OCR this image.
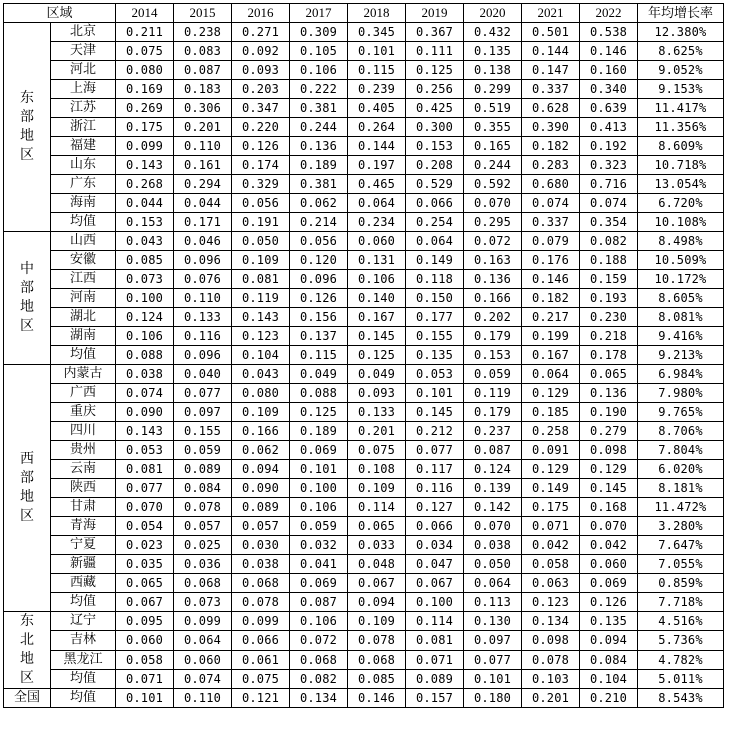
区域		2014	2015	2016	2017	2018	2019	2020	2021	2022	年均增长率
东部地区	北京	0.211	0.238	0.271	0.309	0.345	0.367	0.432	0.501	0.538	12.380%
	天津	0.075	0.083	0.092	0.105	0.101	0.111	0.135	0.144	0.146	8.625%
	河北	0.080	0.087	0.093	0.106	0.115	0.125	0.138	0.147	0.160	9.052%
	上海	0.169	0.183	0.203	0.222	0.239	0.256	0.299	0.337	0.340	9.153%
	江苏	0.269	0.306	0.347	0.381	0.405	0.425	0.519	0.628	0.639	11.417%
	浙江	0.175	0.201	0.220	0.244	0.264	0.300	0.355	0.390	0.413	11.356%
	福建	0.099	0.110	0.126	0.136	0.144	0.153	0.165	0.182	0.192	8.609%
	山东	0.143	0.161	0.174	0.189	0.197	0.208	0.244	0.283	0.323	10.718%
	广东	0.268	0.294	0.329	0.381	0.465	0.529	0.592	0.680	0.716	13.054%
	海南	0.044	0.044	0.056	0.062	0.064	0.066	0.070	0.074	0.074	6.720%
	均值	0.153	0.171	0.191	0.214	0.234	0.254	0.295	0.337	0.354	10.108%
中部地区	山西	0.043	0.046	0.050	0.056	0.060	0.064	0.072	0.079	0.082	8.498%
	安徽	0.085	0.096	0.109	0.120	0.131	0.149	0.163	0.176	0.188	10.509%
	江西	0.073	0.076	0.081	0.096	0.106	0.118	0.136	0.146	0.159	10.172%
	河南	0.100	0.110	0.119	0.126	0.140	0.150	0.166	0.182	0.193	8.605%
	湖北	0.124	0.133	0.143	0.156	0.167	0.177	0.202	0.217	0.230	8.081%
	湖南	0.106	0.116	0.123	0.137	0.145	0.155	0.179	0.199	0.218	9.416%
	均值	0.088	0.096	0.104	0.115	0.125	0.135	0.153	0.167	0.178	9.213%
西部地区	内蒙古	0.038	0.040	0.043	0.049	0.049	0.053	0.059	0.064	0.065	6.984%
	广西	0.074	0.077	0.080	0.088	0.093	0.101	0.119	0.129	0.136	7.980%
	重庆	0.090	0.097	0.109	0.125	0.133	0.145	0.179	0.185	0.190	9.765%
	四川	0.143	0.155	0.166	0.189	0.201	0.212	0.237	0.258	0.279	8.706%
	贵州	0.053	0.059	0.062	0.069	0.075	0.077	0.087	0.091	0.098	7.804%
	云南	0.081	0.089	0.094	0.101	0.108	0.117	0.124	0.129	0.129	6.020%
	陕西	0.077	0.084	0.090	0.100	0.109	0.116	0.139	0.149	0.145	8.181%
	甘肃	0.070	0.078	0.089	0.106	0.114	0.127	0.142	0.175	0.168	11.472%
	青海	0.054	0.057	0.057	0.059	0.065	0.066	0.070	0.071	0.070	3.280%
	宁夏	0.023	0.025	0.030	0.032	0.033	0.034	0.038	0.042	0.042	7.647%
	新疆	0.035	0.036	0.038	0.041	0.048	0.047	0.050	0.058	0.060	7.055%
	西藏	0.065	0.068	0.068	0.069	0.067	0.067	0.064	0.063	0.069	0.859%
	均值	0.067	0.073	0.078	0.087	0.094	0.100	0.113	0.123	0.126	7.718%
东北地区	辽宁	0.095	0.099	0.099	0.106	0.109	0.114	0.130	0.134	0.135	4.516%
	吉林	0.060	0.064	0.066	0.072	0.078	0.081	0.097	0.098	0.094	5.736%
	黑龙江	0.058	0.060	0.061	0.068	0.068	0.071	0.077	0.078	0.084	4.782%
	均值	0.071	0.074	0.075	0.082	0.085	0.089	0.101	0.103	0.104	5.011%
全国	均值	0.101	0.110	0.121	0.134	0.146	0.157	0.180	0.201	0.210	8.543%
